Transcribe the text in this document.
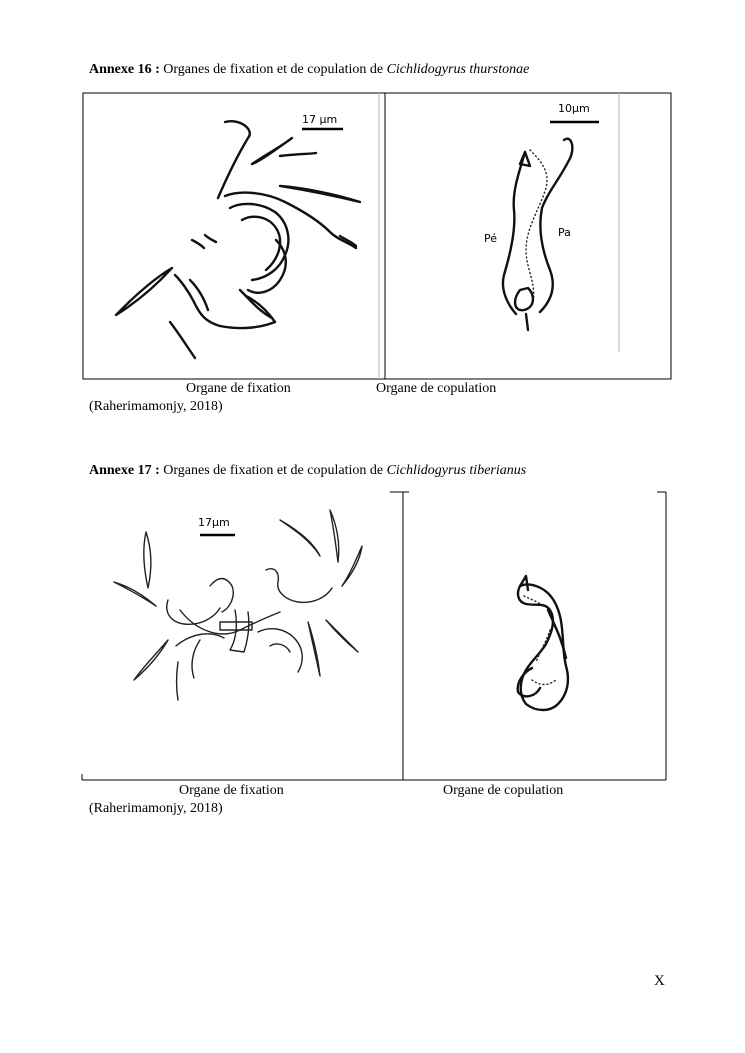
Annexe 16 : Organes de fixation et de copulation de Cichlidogyrus thurstonae
17 µm
10µm
Pé	Pa
Organe de fixation	Organe de copulation
(Raherimamonjy, 2018)
Annexe 17 : Organes de fixation et de copulation de Cichlidogyrus tiberianus
17µm
Organe de fixation	Organe de copulation
(Raherimamonjy, 2018)
X
